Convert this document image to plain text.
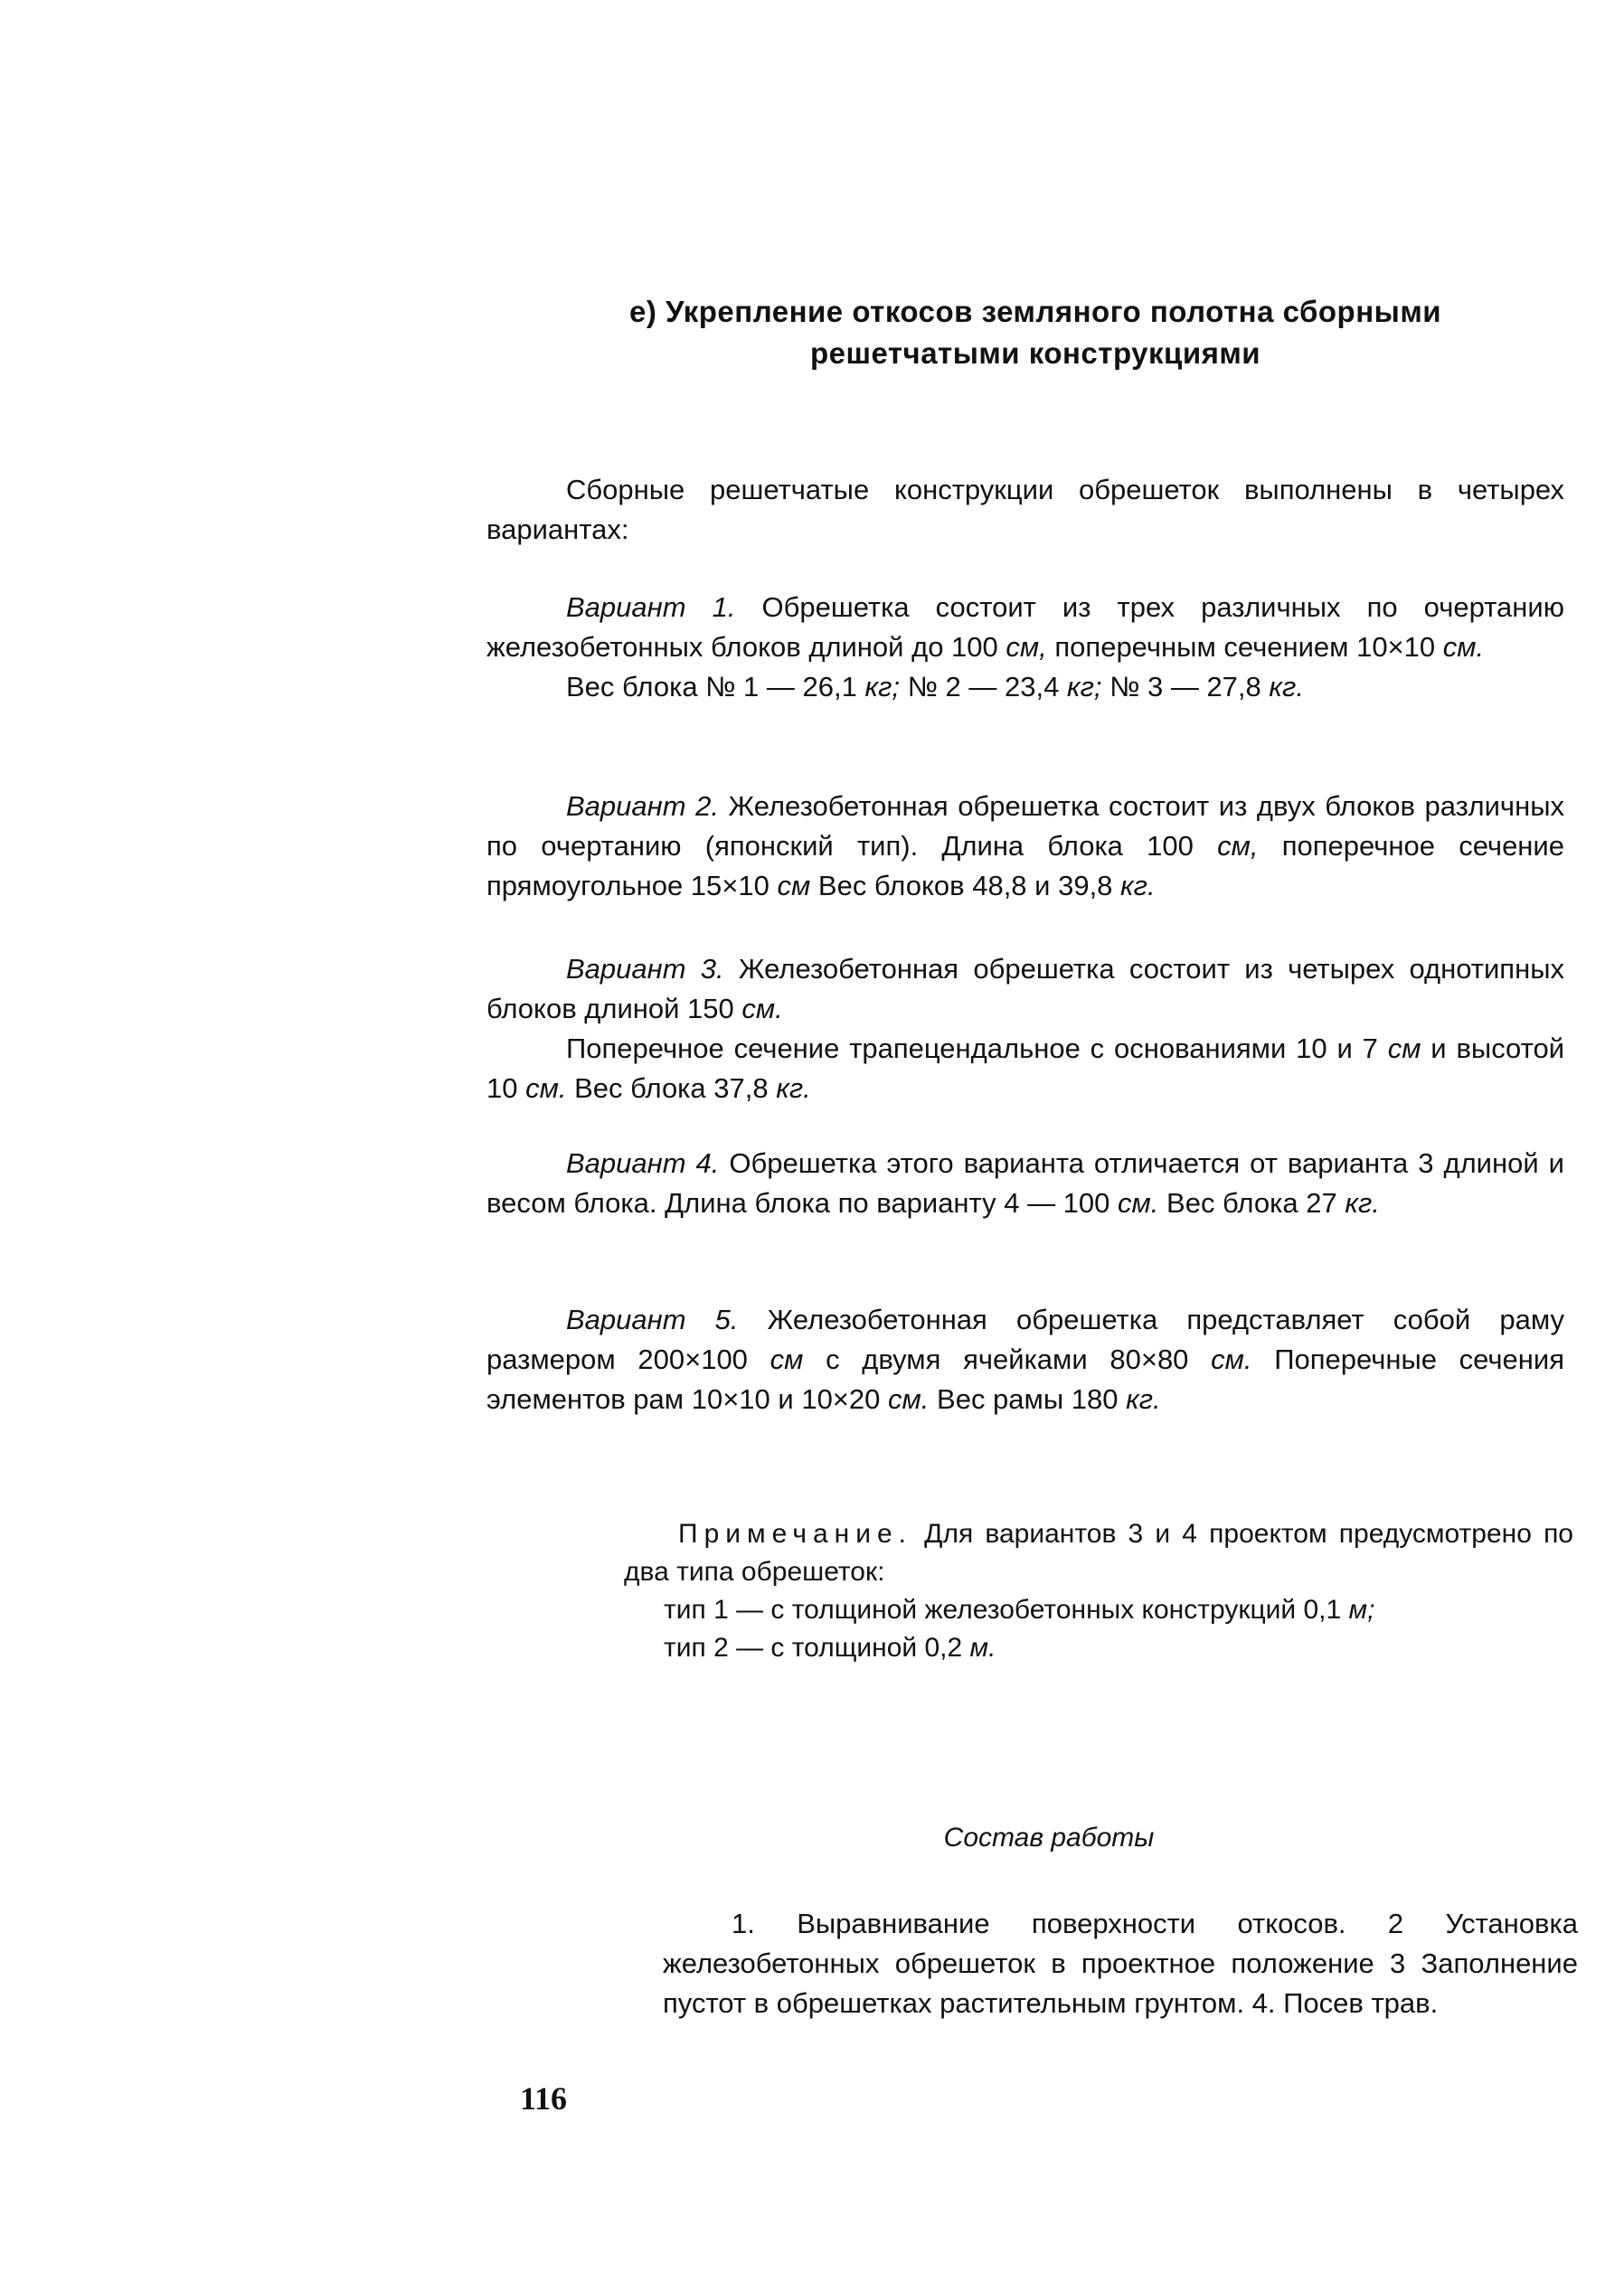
е) Укрепление откосов земляного полотна сборными
решетчатыми конструкциями

Сборные решетчатые конструкции обрешеток выполнены в четырех вариантах:

Вариант 1. Обрешетка состоит из трех различных по очертанию железобетонных блоков длиной до 100 см, поперечным сечением 10×10 см.

Вес блока № 1 — 26,1 кг; № 2 — 23,4 кг; № 3 — 27,8 кг.

Вариант 2. Железобетонная обрешетка состоит из двух блоков различных по очертанию (японский тип). Длина блока 100 см, поперечное сечение прямоугольное 15×10 см Вес блоков 48,8 и 39,8 кг.

Вариант 3. Железобетонная обрешетка состоит из четырех однотипных блоков длиной 150 см.

Поперечное сечение трапецендальное с основаниями 10 и 7 см и высотой 10 см. Вес блока 37,8 кг.

Вариант 4. Обрешетка этого варианта отличается от варианта 3 длиной и весом блока. Длина блока по варианту 4 — 100 см. Вес блока 27 кг.

Вариант 5. Железобетонная обрешетка представляет собой раму размером 200×100 см с двумя ячейками 80×80 см. Поперечные сечения элементов рам 10×10 и 10×20 см. Вес рамы 180 кг.

Примечание. Для вариантов 3 и 4 проектом предусмотрено по два типа обрешеток:

тип 1 — с толщиной железобетонных конструкций 0,1 м;

тип 2 — с толщиной 0,2 м.

Состав работы

1. Выравнивание поверхности откосов. 2 Установка железобетонных обрешеток в проектное положение 3 Заполнение пустот в обрешетках растительным грунтом. 4. Посев трав.

116
